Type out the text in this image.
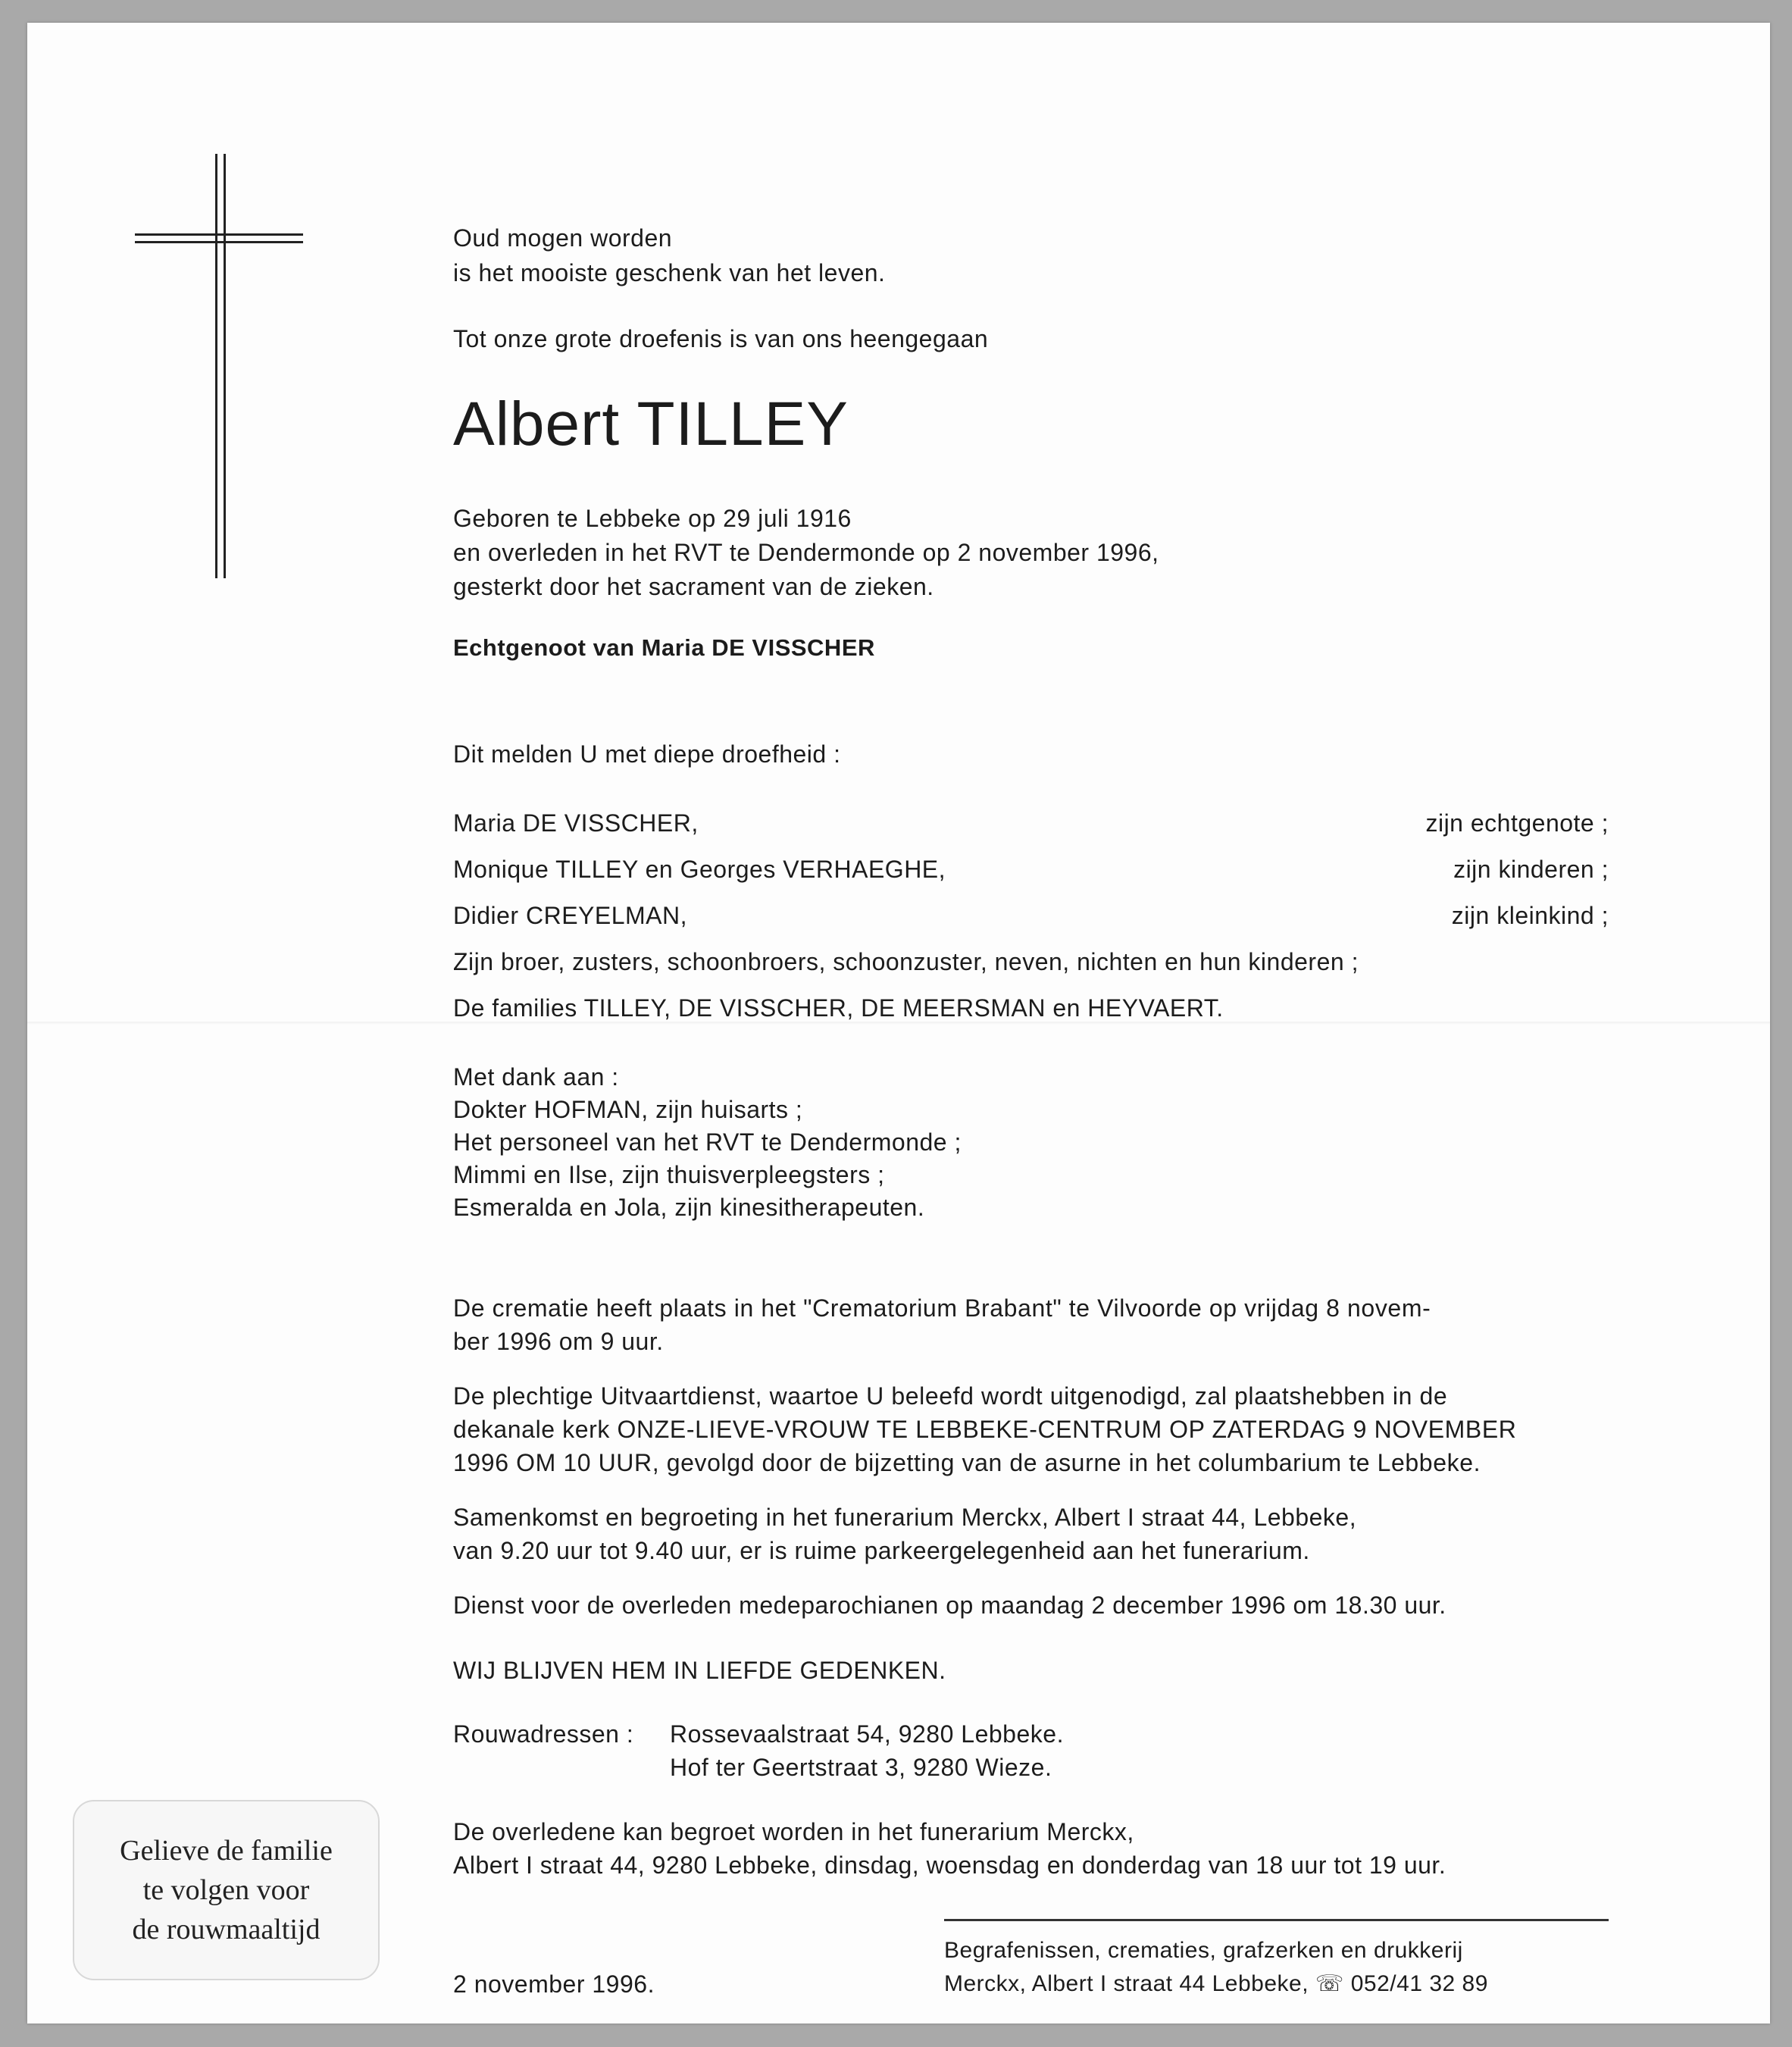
Oud mogen worden
is het mooiste geschenk van het leven.
Tot onze grote droefenis is van ons heengegaan
Albert TILLEY
Geboren te Lebbeke op 29 juli 1916
en overleden in het RVT te Dendermonde op 2 november 1996,
gesterkt door het sacrament van de zieken.
Echtgenoot van Maria DE VISSCHER
Dit melden U met diepe droefheid :
Maria DE VISSCHER,	zijn echtgenote ;
Monique TILLEY en Georges VERHAEGHE,	zijn kinderen ;
Didier CREYELMAN,	zijn kleinkind ;
Zijn broer, zusters, schoonbroers, schoonzuster, neven, nichten en hun kinderen ;
De families TILLEY, DE VISSCHER, DE MEERSMAN en HEYVAERT.
Met dank aan :
Dokter HOFMAN, zijn huisarts ;
Het personeel van het RVT te Dendermonde ;
Mimmi en Ilse, zijn thuisverpleegsters ;
Esmeralda en Jola, zijn kinesitherapeuten.
De crematie heeft plaats in het "Crematorium Brabant" te Vilvoorde op vrijdag 8 novem-
ber 1996 om 9 uur.
De plechtige Uitvaartdienst, waartoe U beleefd wordt uitgenodigd, zal plaatshebben in de
dekanale kerk ONZE-LIEVE-VROUW TE LEBBEKE-CENTRUM OP ZATERDAG 9 NOVEMBER
1996 OM 10 UUR, gevolgd door de bijzetting van de asurne in het columbarium te Lebbeke.
Samenkomst en begroeting in het funerarium Merckx, Albert I straat 44, Lebbeke,
van 9.20 uur tot 9.40 uur, er is ruime parkeergelegenheid aan het funerarium.
Dienst voor de overleden medeparochianen op maandag 2 december 1996 om 18.30 uur.
WIJ BLIJVEN HEM IN LIEFDE GEDENKEN.
Rouwadressen : Rossevaalstraat 54, 9280 Lebbeke.
Hof ter Geertstraat 3, 9280 Wieze.
De overledene kan begroet worden in het funerarium Merckx,
Albert I straat 44, 9280 Lebbeke, dinsdag, woensdag en donderdag van 18 uur tot 19 uur.
Begrafenissen, crematies, grafzerken en drukkerij
Merckx, Albert I straat 44 Lebbeke, ☏ 052/41 32 89
2 november 1996.
Gelieve de familie
te volgen voor
de rouwmaaltijd
